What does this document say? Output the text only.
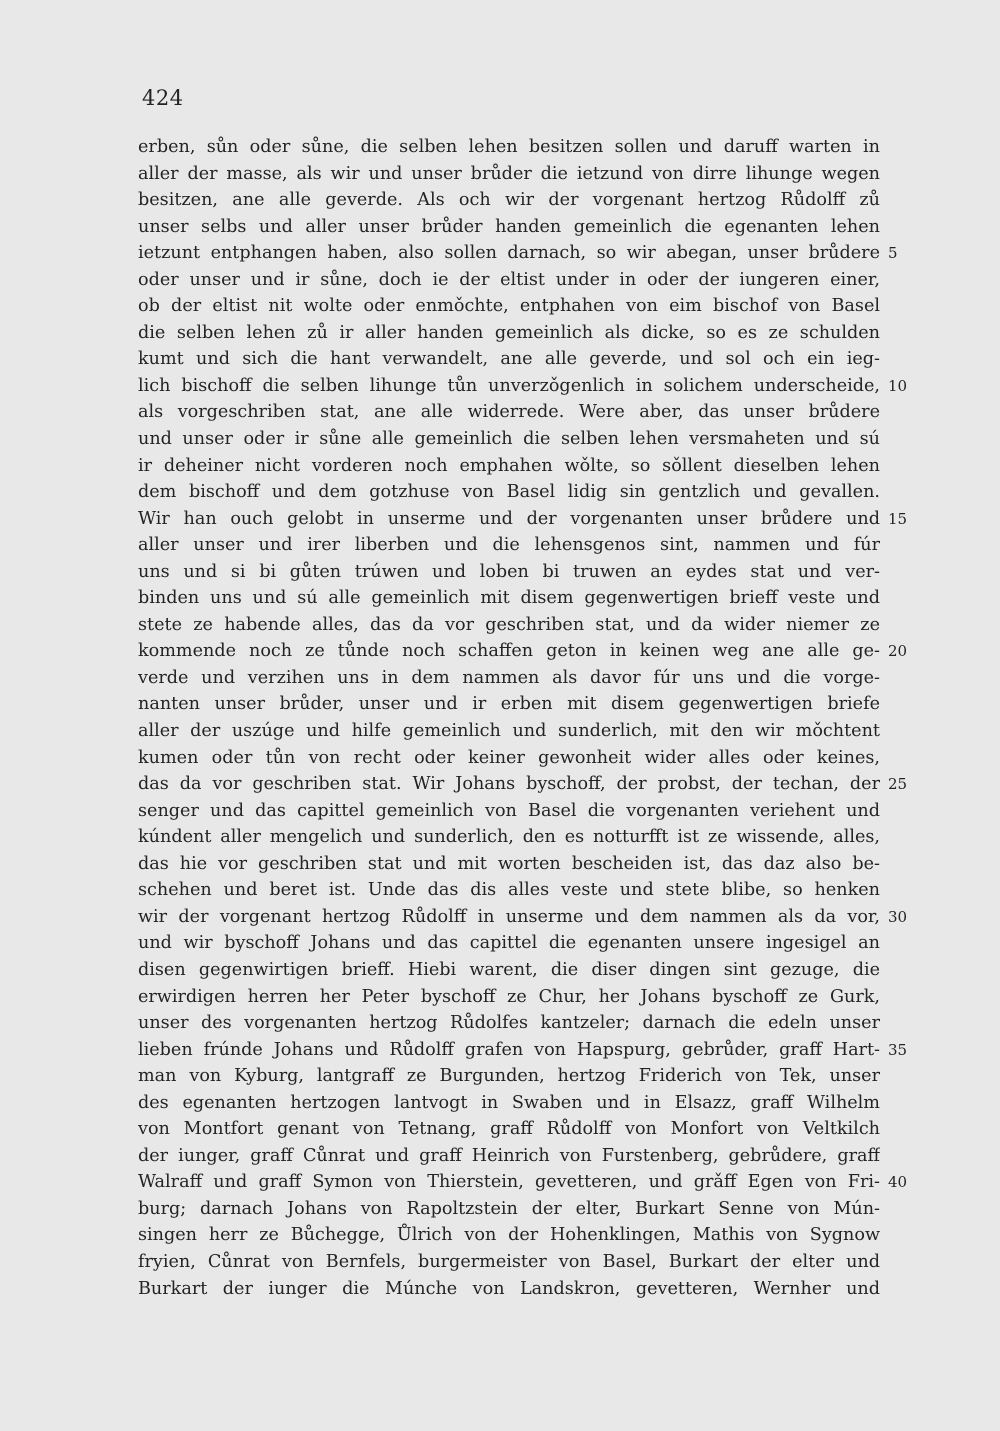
424
erben, sůn oder sůne, die selben lehen besitzen sollen und daruff warten in
aller der masse, als wir und unser brůder die ietzund von dirre lihunge wegen
besitzen, ane alle geverde. Als och wir der vorgenant hertzog Růdolff zů
unser selbs und aller unser brůder handen gemeinlich die egenanten lehen
ietzunt entphangen haben, also sollen darnach, so wir abegan, unser brůdere 5
oder unser und ir sůne, doch ie der eltist under in oder der iungeren einer,
ob der eltist nit wolte oder enmǒchte, entphahen von eim bischof von Basel
die selben lehen zů ir aller handen gemeinlich als dicke, so es ze schulden
kumt und sich die hant verwandelt, ane alle geverde, und sol och ein ieg-
lich bischoff die selben lihunge tůn unverzǒgenlich in solichem underscheide, 10
als vorgeschriben stat, ane alle widerrede. Were aber, das unser brůdere
und unser oder ir sůne alle gemeinlich die selben lehen versmaheten und sú
ir deheiner nicht vorderen noch emphahen wǒlte, so sǒllent dieselben lehen
dem bischoff und dem gotzhuse von Basel lidig sin gentzlich und gevallen.
Wir han ouch gelobt in unserme und der vorgenanten unser brůdere und 15
aller unser und irer liberben und die lehensgenos sint, nammen und fúr
uns und si bi gůten trúwen und loben bi truwen an eydes stat und ver-
binden uns und sú alle gemeinlich mit disem gegenwertigen brieff veste und
stete ze habende alles, das da vor geschriben stat, und da wider niemer ze
kommende noch ze tůnde noch schaffen geton in keinen weg ane alle ge- 20
verde und verzihen uns in dem nammen als davor fúr uns und die vorge-
nanten unser brůder, unser und ir erben mit disem gegenwertigen briefe
aller der uszúge und hilfe gemeinlich und sunderlich, mit den wir mǒchtent
kumen oder tůn von recht oder keiner gewonheit wider alles oder keines,
das da vor geschriben stat. Wir Johans byschoff, der probst, der techan, der 25
senger und das capittel gemeinlich von Basel die vorgenanten veriehent und
kúndent aller mengelich und sunderlich, den es notturfft ist ze wissende, alles,
das hie vor geschriben stat und mit worten bescheiden ist, das daz also be-
schehen und beret ist. Unde das dis alles veste und stete blibe, so henken
wir der vorgenant hertzog Růdolff in unserme und dem nammen als da vor, 30
und wir byschoff Johans und das capittel die egenanten unsere ingesigel an
disen gegenwirtigen brieff. Hiebi warent, die diser dingen sint gezuge, die
erwirdigen herren her Peter byschoff ze Chur, her Johans byschoff ze Gurk,
unser des vorgenanten hertzog Růdolfes kantzeler; darnach die edeln unser
lieben frúnde Johans und Růdolff grafen von Hapspurg, gebrůder, graff Hart- 35
man von Kyburg, lantgraff ze Burgunden, hertzog Friderich von Tek, unser
des egenanten hertzogen lantvogt in Swaben und in Elsazz, graff Wilhelm
von Montfort genant von Tetnang, graff Růdolff von Monfort von Veltkilch
der iunger, graff Cůnrat und graff Heinrich von Furstenberg, gebrůdere, graff
Walraff und graff Symon von Thierstein, gevetteren, und grǎff Egen von Fri- 40
burg; darnach Johans von Rapoltzstein der elter, Burkart Senne von Mún-
singen herr ze Bůchegge, Ůlrich von der Hohenklingen, Mathis von Sygnow
fryien, Cůnrat von Bernfels, burgermeister von Basel, Burkart der elter und
Burkart der iunger die Múnche von Landskron, gevetteren, Wernher und
